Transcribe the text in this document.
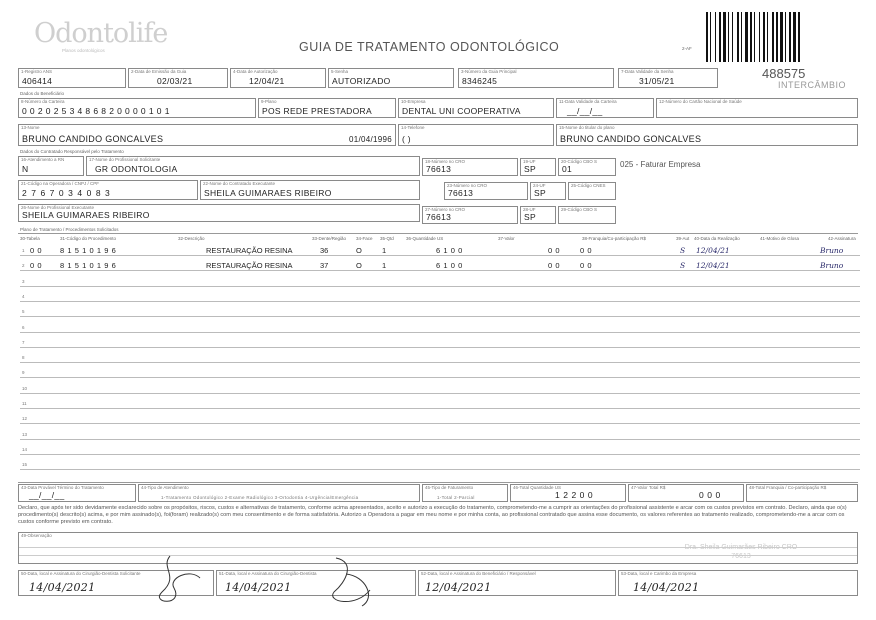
Odontolife
Planos odontológicos	GUIA DE TRATAMENTO ODONTOLÓGICO	2-AF
1-Registro ANS
406414
2-Data de Emissão da Guia
02/03/21
4-Data de Autorização
12/04/21
5-Senha
AUTORIZADO
3-Número da Guia Principal
8346245
7-Data Validade da Senha
31/05/21	488575
INTERCÂMBIO
Dados do Beneficiário
8-Número da Carteira
0020253486820000101
9-Plano
POS REDE PRESTADORA
10-Empresa
DENTAL UNI COOPERATIVA
11-Data Validade da Carteira
__/__/__
12-Número do Cartão Nacional de Saúde
13-Nome
BRUNO CANDIDO GONCALVES	01/04/1996
14-Telefone
( )
15-Nome do titular do plano
BRUNO CANDIDO GONCALVES
Dados do Contratado Responsável pelo Tratamento
16-Atendimento a RN
N
17-Nome do Profissional Solicitante
GR ODONTOLOGIA
18-Número no CRO
76613
19-UF
SP
20-Código CBO S
01	025 - Faturar Empresa
21-Código na Operadora / CNPJ / CPF
2767034083
22-Nome do Contratado Executante
SHEILA GUIMARAES RIBEIRO
23-Número no CRO
76613
24-UF
SP
25-Código CNES
26-Nome do Profissional Executante
SHEILA GUIMARAES RIBEIRO
27-Número no CRO
76613
28-UF
SP
29-Código CBO S
Plano de Tratamento / Procedimentos Solicitados
30-Tabela	31-Código do Procedimento	32-Descrição	33-Dente/Região 34-Face 35-Qtd	36-Quantidade US	37-Valor	38-Franquia/Co-participação R$	39-Aut 40-Data da Realização	41-Motivo de Glosa	42-Assinatura
1 00 81510196	RESTAURAÇÃO RESINA	36	O	1	6100	00 00	S 12/04/21	Bruno
2 00 81510196	RESTAURAÇÃO RESINA	37	O	1	6100	00 00	S 12/04/21	Bruno
3
4
5
6
7
8
9
10
11
12
13
14
15
43-Data Provável Término do Tratamento
__/__/__
44-Tipo de Atendimento
1-Tratamento Odontológico 2-Exame Radiológico 3-Ortodontia 4-Urgência/Emergência
45-Tipo de Faturamento
1-Total 2-Parcial
46-Total Quantidade US
12200
47-Valor Total R$
000
48-Total Franquia / Co-participação R$
Declaro, que após ter sido devidamente esclarecido sobre os propósitos, riscos, custos e alternativas de tratamento, conforme acima apresentados, aceito e autorizo a execução do tratamento, comprometendo-me a cumprir as orientações do profissional assistente e arcar com os custos previstos em contrato. Declaro, ainda que o(s) procedimento(s) descrito(s) acima, e por mim assinado(s), foi(foram) realizado(s) com meu consentimento e de forma satisfatória. Autorizo a Operadora a pagar em meu nome e por minha conta, ao profissional contratado que assina esse documento, os valores referentes ao tratamento realizado, comprometendo-me a arcar com os custos conforme previsto em contrato.
49-Observação
Dra. Sheila Guimarães Ribeiro CRO 76613
50-Data, local e Assinatura do Cirurgião-Dentista Solicitante
14/04/2021
51-Data, local e Assinatura do Cirurgião-Dentista
14/04/2021
52-Data, local e Assinatura do Beneficiário / Responsável
12/04/2021
53-Data, local e Carimbo da Empresa
14/04/2021
